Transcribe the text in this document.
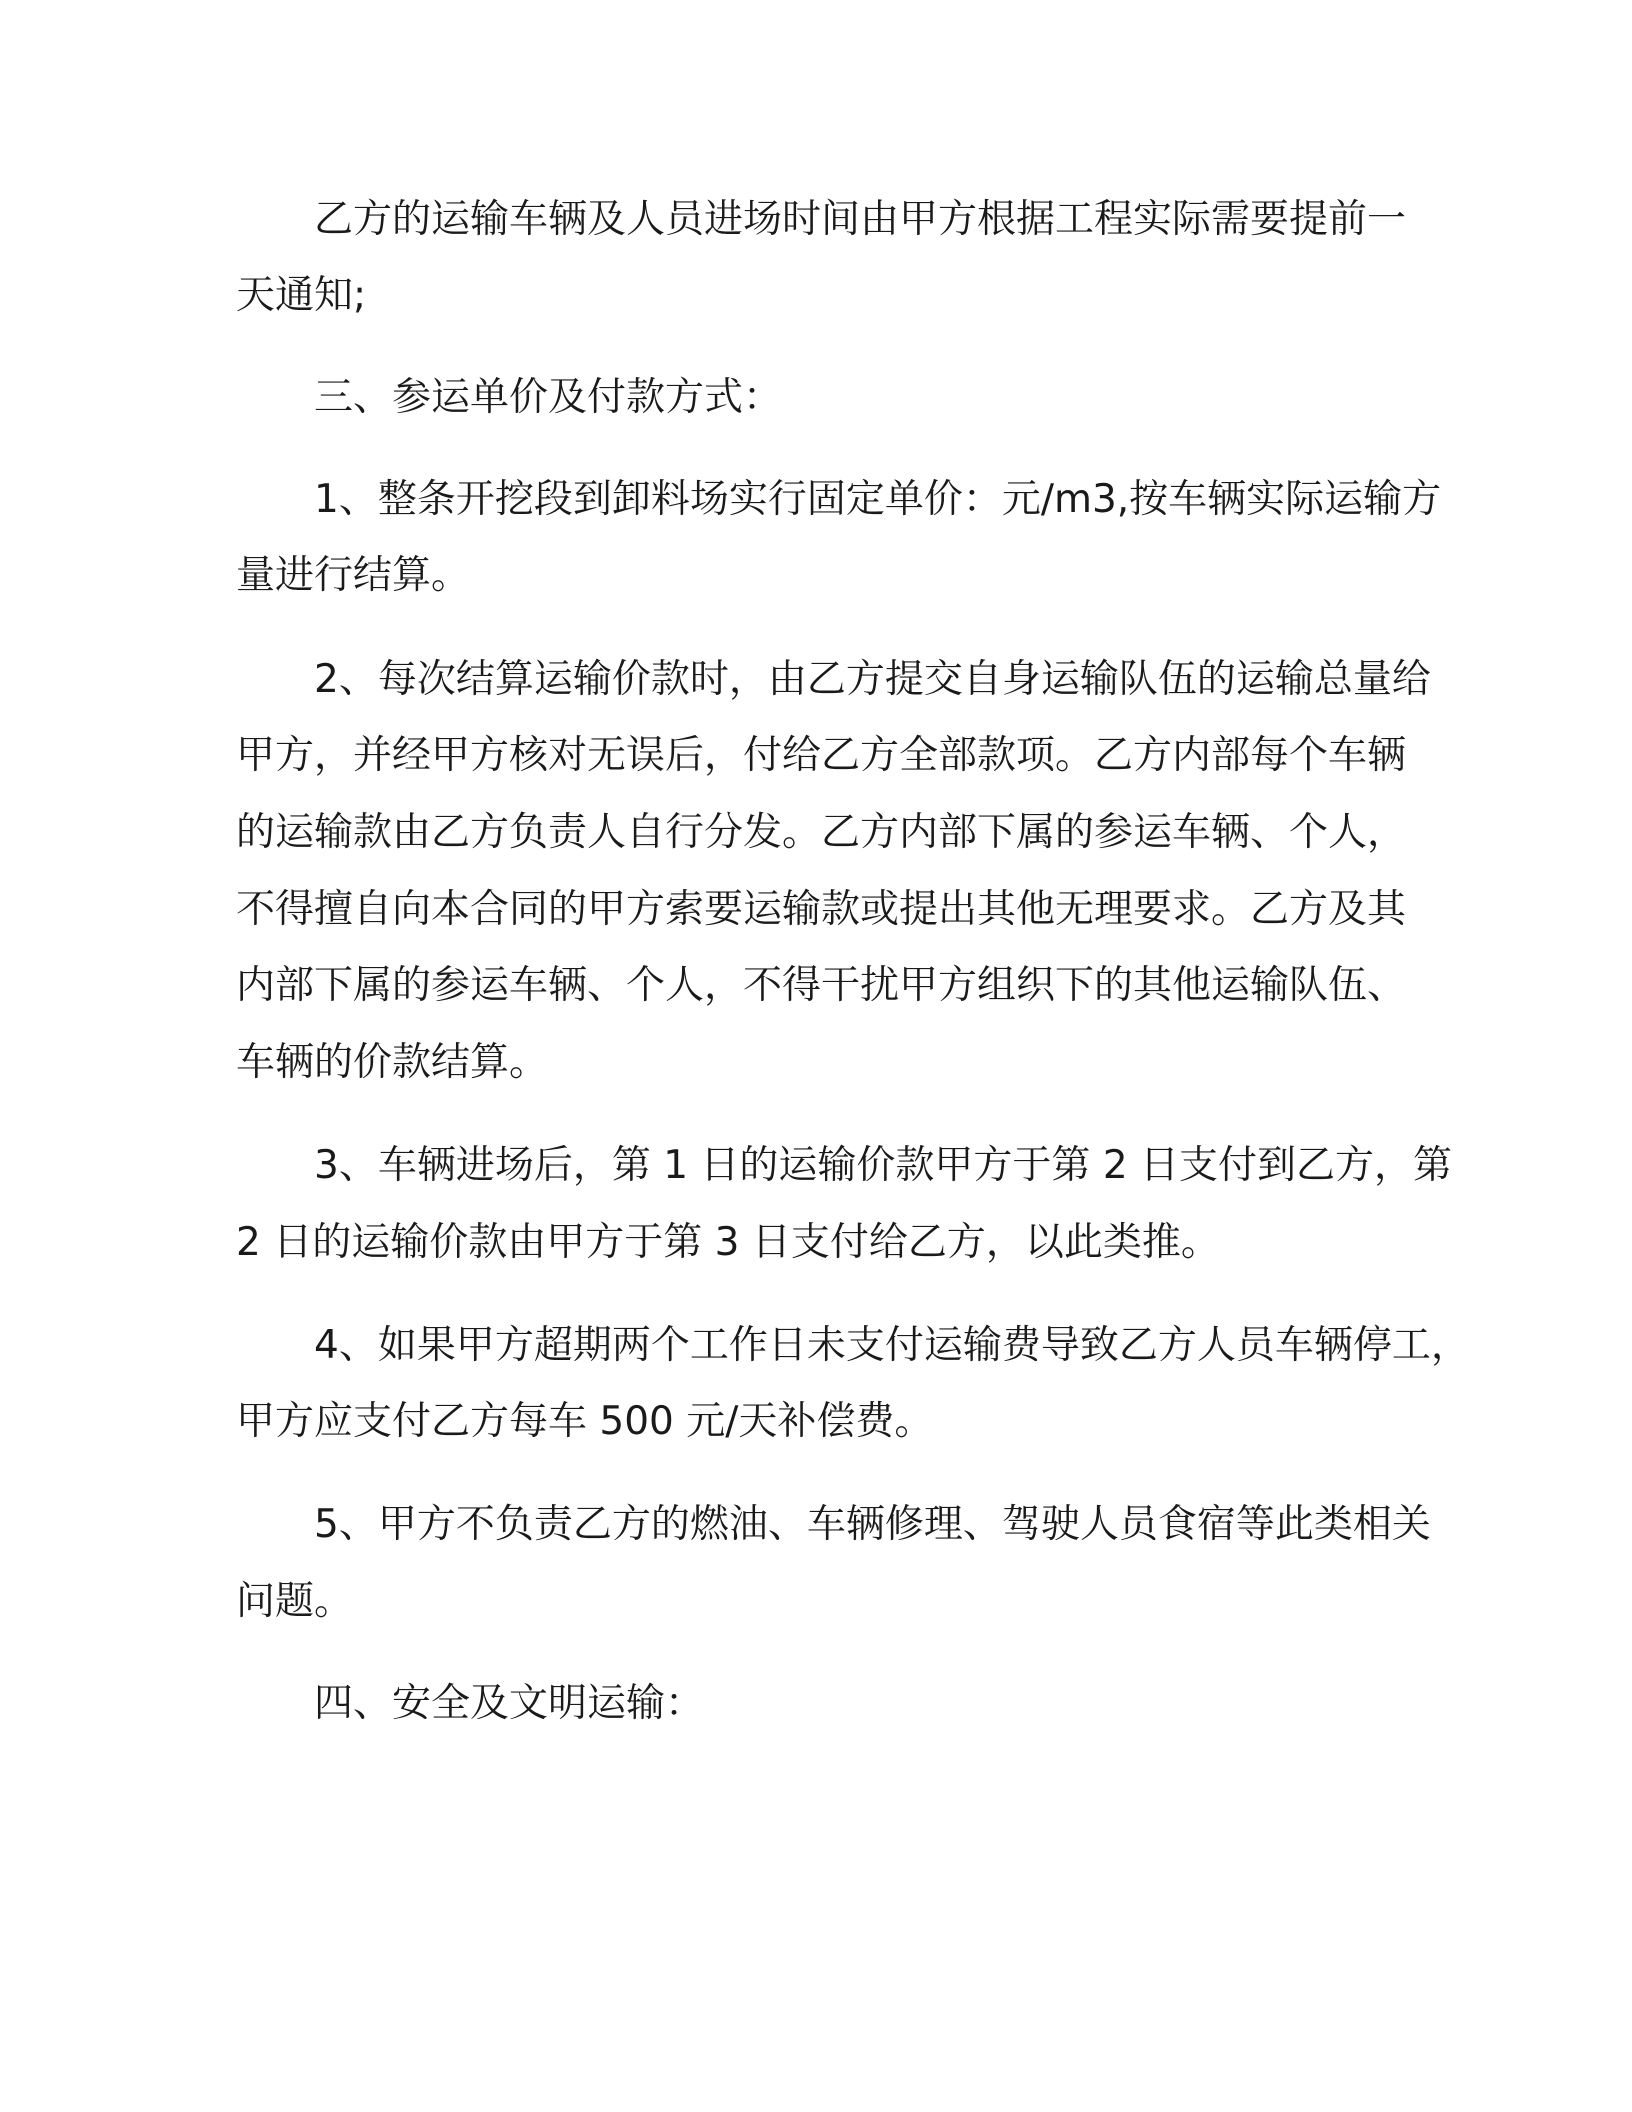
乙方的运输车辆及人员进场时间由甲方根据工程实际需要提前一

天通知;

三、参运单价及付款方式：

1、整条开挖段到卸料场实行固定单价：元/m3,按车辆实际运输方

量进行结算。

2、每次结算运输价款时，由乙方提交自身运输队伍的运输总量给

甲方，并经甲方核对无误后，付给乙方全部款项。乙方内部每个车辆

的运输款由乙方负责人自行分发。乙方内部下属的参运车辆、个人，

不得擅自向本合同的甲方索要运输款或提出其他无理要求。乙方及其

内部下属的参运车辆、个人，不得干扰甲方组织下的其他运输队伍、

车辆的价款结算。

3、车辆进场后，第 1 日的运输价款甲方于第 2 日支付到乙方，第

2 日的运输价款由甲方于第 3 日支付给乙方，以此类推。

4、如果甲方超期两个工作日未支付运输费导致乙方人员车辆停工，

甲方应支付乙方每车 500 元/天补偿费。

5、甲方不负责乙方的燃油、车辆修理、驾驶人员食宿等此类相关

问题。

四、安全及文明运输：
